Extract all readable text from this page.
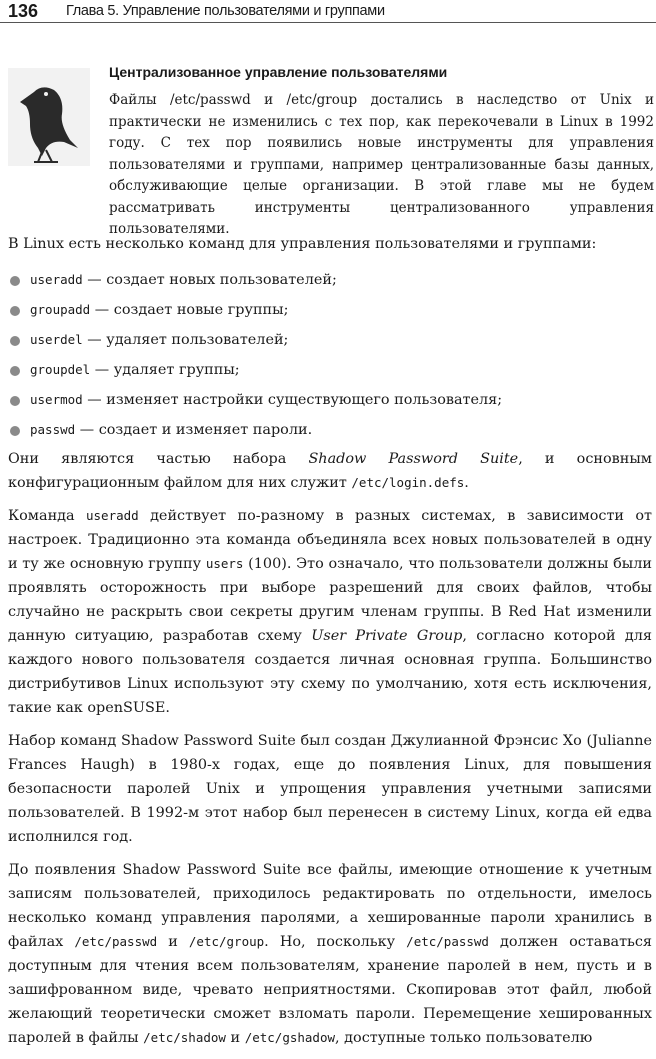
136	Глава 5. Управление пользователями и группами
Централизованное управление пользователями
Файлы /etc/passwd и /etc/group достались в наследство от Unix и практически не изменились с тех пор, как перекочевали в Linux в 1992 году. С тех пор появились новые инструменты для управления пользователями и группами, например централизованные базы данных, обслуживающие целые организации. В этой главе мы не будем рассматривать инструменты централизованного управления пользователями.

В Linux есть несколько команд для управления пользователями и группами:

useradd — создает новых пользователей;
groupadd — создает новые группы;
userdel — удаляет пользователей;
groupdel — удаляет группы;
usermod — изменяет настройки существующего пользователя;
passwd — создает и изменяет пароли.

Они являются частью набора Shadow Password Suite, и основным конфигурационным файлом для них служит /etc/login.defs.

Команда useradd действует по-разному в разных системах, в зависимости от настроек. Традиционно эта команда объединяла всех новых пользователей в одну и ту же основную группу users (100). Это означало, что пользователи должны были проявлять осторожность при выборе разрешений для своих файлов, чтобы случайно не раскрыть свои секреты другим членам группы. В Red Hat изменили данную ситуацию, разработав схему User Private Group, согласно которой для каждого нового пользователя создается личная основная группа. Большинство дистрибутивов Linux используют эту схему по умолчанию, хотя есть исключения, такие как openSUSE.

Набор команд Shadow Password Suite был создан Джулианной Фрэнсис Хо (Julianne Frances Haugh) в 1980-х годах, еще до появления Linux, для повышения безопасности паролей Unix и упрощения управления учетными записями пользователей. В 1992-м этот набор был перенесен в систему Linux, когда ей едва исполнился год.

До появления Shadow Password Suite все файлы, имеющие отношение к учетным записям пользователей, приходилось редактировать по отдельности, имелось несколько команд управления паролями, а хешированные пароли хранились в файлах /etc/passwd и /etc/group. Но, поскольку /etc/passwd должен оставаться доступным для чтения всем пользователям, хранение паролей в нем, пусть и в зашифрованном виде, чревато неприятностями. Скопировав этот файл, любой желающий теоретически сможет взломать пароли. Перемещение хешированных паролей в файлы /etc/shadow и /etc/gshadow, доступные только пользователю
